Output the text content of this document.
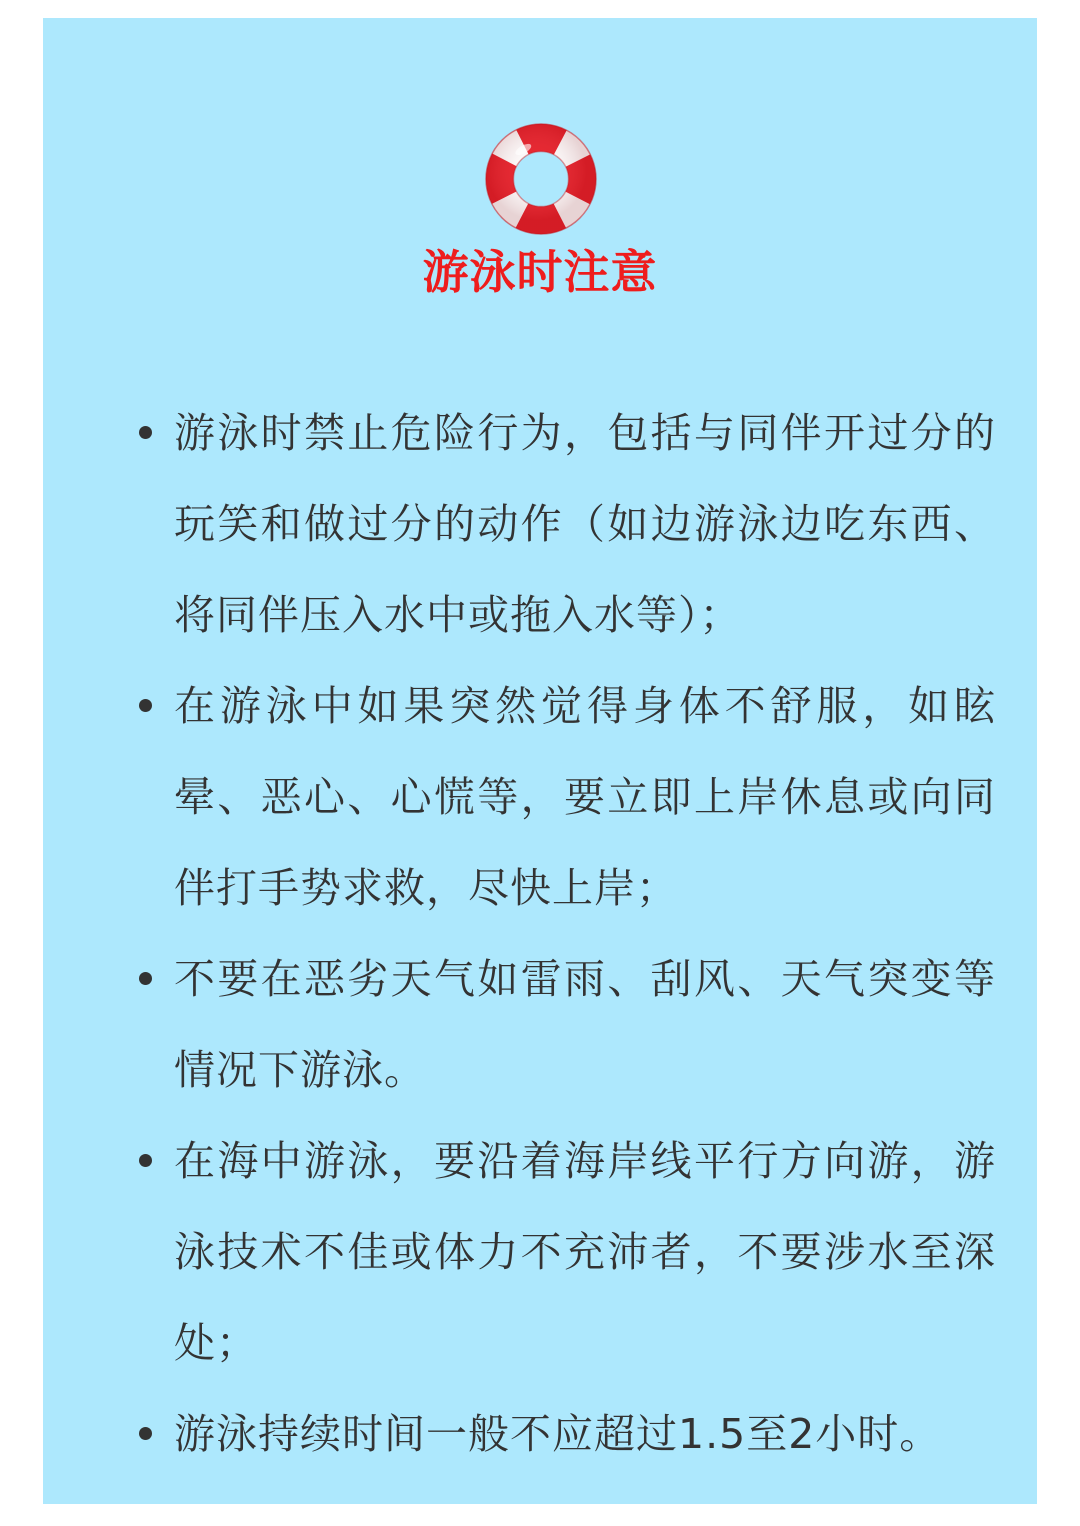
游泳时注意
游泳时禁止危险行为，包括与同伴开过分的玩笑和做过分的动作（如边游泳边吃东西、将同伴压入水中或拖入水等）；
在游泳中如果突然觉得身体不舒服，如眩晕、恶心、心慌等，要立即上岸休息或向同伴打手势求救，尽快上岸；
不要在恶劣天气如雷雨、刮风、天气突变等情况下游泳。
在海中游泳，要沿着海岸线平行方向游，游泳技术不佳或体力不充沛者，不要涉水至深处；
游泳持续时间一般不应超过1.5至2小时。
